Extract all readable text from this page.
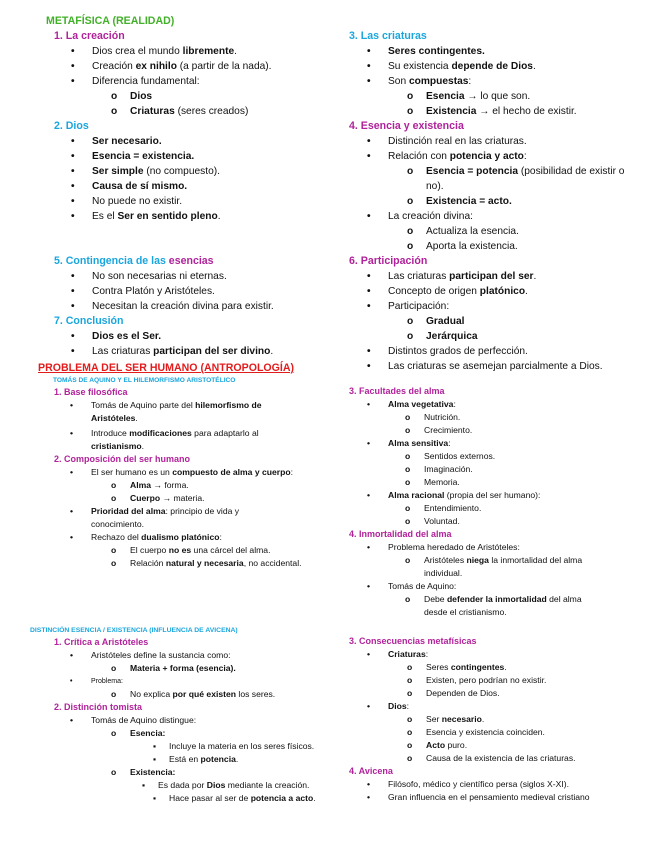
METAFÍSICA (REALIDAD)
1. La creación
• Dios crea el mundo libremente.
• Creación ex nihilo (a partir de la nada).
• Diferencia fundamental:
o Dios
o Criaturas (seres creados)
2. Dios
• Ser necesario.
• Esencia = existencia.
• Ser simple (no compuesto).
• Causa de sí mismo.
• No puede no existir.
• Es el Ser en sentido pleno.
5. Contingencia de las esencias
• No son necesarias ni eternas.
• Contra Platón y Aristóteles.
• Necesitan la creación divina para existir.
7. Conclusión
• Dios es el Ser.
• Las criaturas participan del ser divino.
3. Las criaturas
• Seres contingentes.
• Su existencia depende de Dios.
• Son compuestas:
o Esencia → lo que son.
o Existencia → el hecho de existir.
4. Esencia y existencia
• Distinción real en las criaturas.
• Relación con potencia y acto:
o Esencia = potencia (posibilidad de existir o no).
o Existencia = acto.
• La creación divina:
o Actualiza la esencia.
o Aporta la existencia.
6. Participación
• Las criaturas participan del ser.
• Concepto de origen platónico.
• Participación:
o Gradual
o Jerárquica
• Distintos grados de perfección.
• Las criaturas se asemejan parcialmente a Dios.
PROBLEMA DEL SER HUMANO (ANTROPOLOGÍA)
TOMÁS DE AQUINO Y EL HILEMORFISMO ARISTOTÉLICO
1. Base filosófica
• Tomás de Aquino parte del hilemorfismo de Aristóteles.
• Introduce modificaciones para adaptarlo al cristianismo.
2. Composición del ser humano
• El ser humano es un compuesto de alma y cuerpo:
o Alma → forma.
o Cuerpo → materia.
• Prioridad del alma: principio de vida y conocimiento.
• Rechazo del dualismo platónico:
o El cuerpo no es una cárcel del alma.
o Relación natural y necesaria, no accidental.
3. Facultades del alma
• Alma vegetativa:
o Nutrición.
o Crecimiento.
• Alma sensitiva:
o Sentidos externos.
o Imaginación.
o Memoria.
• Alma racional (propia del ser humano):
o Entendimiento.
o Voluntad.
4. Inmortalidad del alma
• Problema heredado de Aristóteles:
o Aristóteles niega la inmortalidad del alma individual.
• Tomás de Aquino:
o Debe defender la inmortalidad del alma desde el cristianismo.
DISTINCIÓN ESENCIA / EXISTENCIA (INFLUENCIA DE AVICENA)
1. Crítica a Aristóteles
• Aristóteles define la sustancia como:
o Materia + forma (esencia).
• Problema:
o No explica por qué existen los seres.
2. Distinción tomista
• Tomás de Aquino distingue:
o Esencia:
▪ Incluye la materia en los seres físicos.
▪ Está en potencia.
o Existencia:
▪ Es dada por Dios mediante la creación.
▪ Hace pasar al ser de potencia a acto.
3. Consecuencias metafísicas
• Criaturas:
o Seres contingentes.
o Existen, pero podrían no existir.
o Dependen de Dios.
• Dios:
o Ser necesario.
o Esencia y existencia coinciden.
o Acto puro.
o Causa de la existencia de las criaturas.
4. Avicena
• Filósofo, médico y científico persa (siglos X-XI).
• Gran influencia en el pensamiento medieval cristiano
